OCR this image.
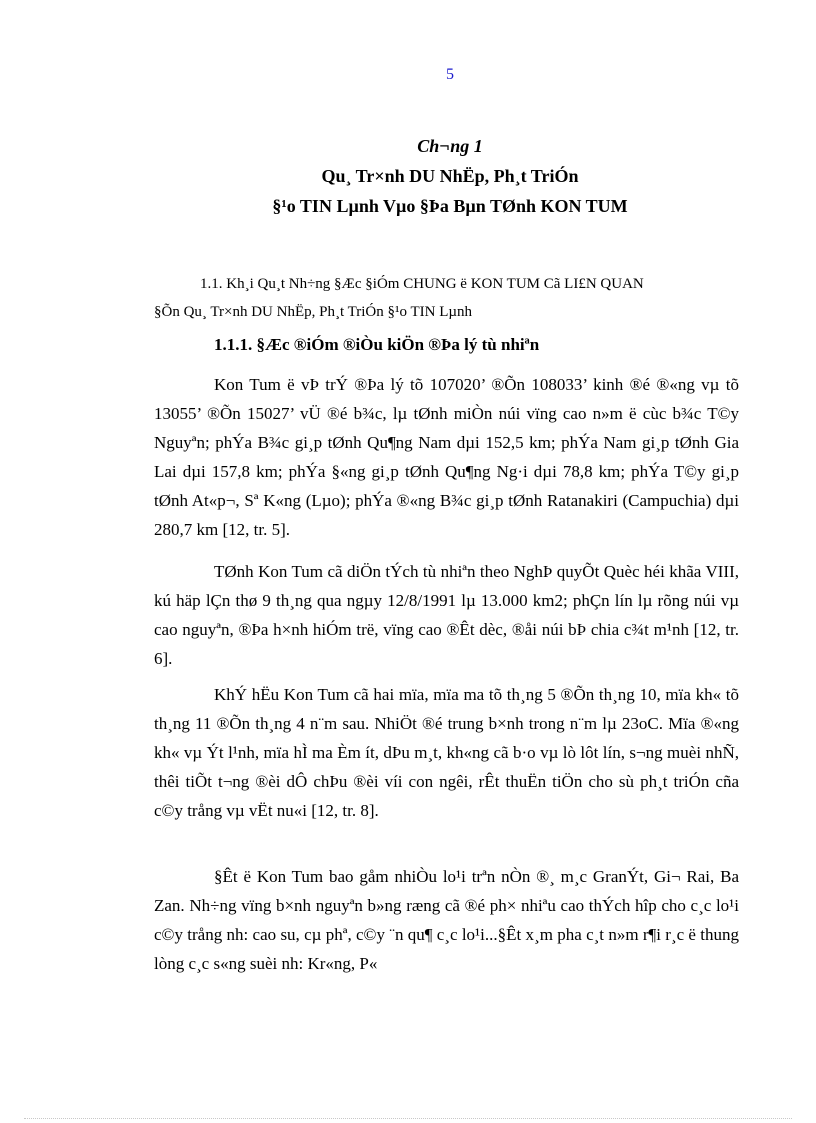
5
Ch¬ng 1
Qu¸ Tr×nh DU NhËp, Ph¸t TriÓn
§¹o TIN Lµnh Vµo §Þa Bµn TØnh KON TUM
1.1. Kh¸i Qu¸t Nh÷ng §Æc §iÓm CHUNG ë KON TUM Cã LI£N QUAN
§Õn Qu¸ Tr×nh DU NhËp, Ph¸t TriÓn §¹o TIN Lµnh
1.1.1. §Æc ®iÓm ®iÒu kiÖn ®Þa lý tù nhiªn

Kon Tum ë vÞ trÝ ®Þa lý tõ 107020’ ®Õn 108033’ kinh ®é ®«ng vµ tõ 13055’ ®Õn 15027’ vÜ ®é b¾c, lµ tØnh miÒn núi vïng cao n»m ë cùc b¾c T©y Nguyªn; phÝa B¾c gi¸p tØnh Qu¶ng Nam dµi 152,5 km; phÝa Nam gi¸p tØnh Gia Lai dµi 157,8 km; phÝa §«ng gi¸p tØnh Qu¶ng Ng·i dµi 78,8 km; phÝa T©y gi¸p tØnh At«p¬, Sª K«ng (Lµo); phÝa ®«ng B¾c gi¸p tØnh Ratanakiri (Campuchia) dµi 280,7 km [12, tr. 5].

TØnh Kon Tum cã diÖn tÝch tù nhiªn theo NghÞ quyÕt Quèc héi khãa VIII, kú häp lÇn thø 9 th¸ng qua ngµy 12/8/1991 lµ 13.000 km2; phÇn lín lµ rõng núi vµ cao nguyªn, ®Þa h×nh hiÓm trë, vïng cao ®Êt dèc, ®åi núi bÞ chia c¾t m¹nh [12, tr. 6].

KhÝ hËu Kon Tum cã hai mïa, mïa ma tõ th¸ng 5 ®Õn th¸ng 10, mïa kh« tõ th¸ng 11 ®Õn th¸ng 4 n¨m sau. NhiÖt ®é trung b×nh trong n¨m lµ 23oC. Mïa ®«ng kh« vµ Ýt l¹nh, mïa hÌ ma Èm ít, dÞu m¸t, kh«ng cã b·o vµ lò lôt lín, s¬ng muèi nhÑ, thêi tiÕt t¬ng ®èi dÔ chÞu ®èi víi con ngêi, rÊt thuËn tiÖn cho sù ph¸t triÓn cña c©y trång vµ vËt nu«i [12, tr. 8].

§Êt ë Kon Tum bao gåm nhiÒu lo¹i trªn nÒn ®¸ m¸c GranÝt, Gi¬ Rai, Ba Zan. Nh÷ng vïng b×nh nguyªn b»ng ræng cã ®é ph× nhiªu cao thÝch hîp cho c¸c lo¹i c©y trång nh: cao su, cµ phª, c©y ¨n qu¶ c¸c lo¹i...§Êt x¸m pha c¸t n»m r¶i r¸c ë thung lòng c¸c s«ng suèi nh: Kr«ng, P«
